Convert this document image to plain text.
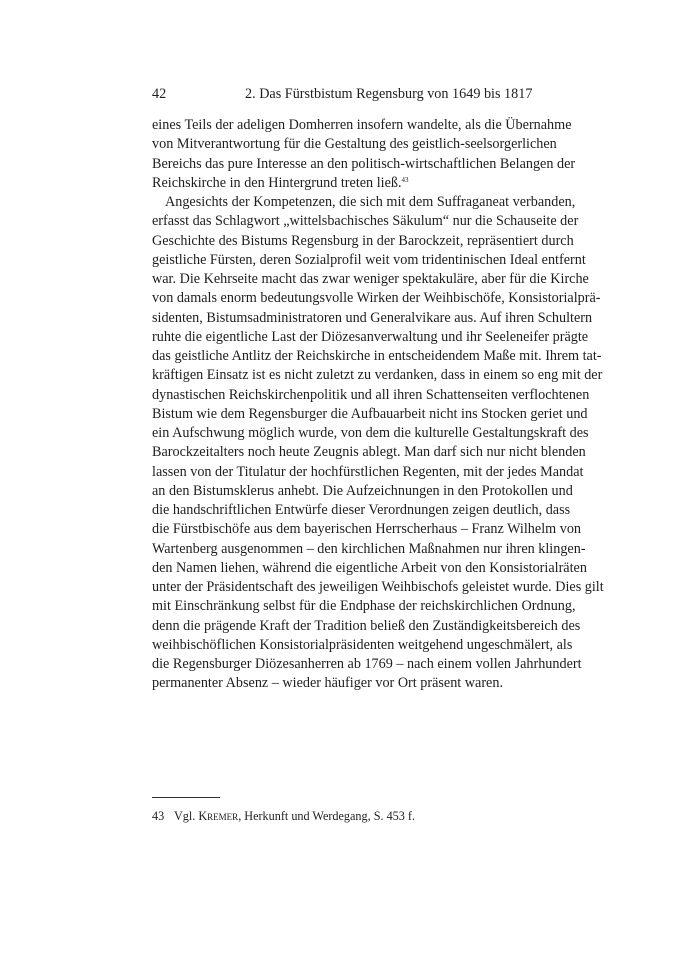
42	2. Das Fürstbistum Regensburg von 1649 bis 1817
eines Teils der adeligen Domherren insofern wandelte, als die Übernahme
von Mitverantwortung für die Gestaltung des geistlich-seelsorgerlichen
Bereichs das pure Interesse an den politisch-wirtschaftlichen Belangen der
Reichskirche in den Hintergrund treten ließ.$^{43}$
Angesichts der Kompetenzen, die sich mit dem Suffraganeat verbanden,
erfasst das Schlagwort „wittelsbachisches Säkulum“ nur die Schauseite der
Geschichte des Bistums Regensburg in der Barockzeit, repräsentiert durch
geistliche Fürsten, deren Sozialprofil weit vom tridentinischen Ideal entfernt
war. Die Kehrseite macht das zwar weniger spektakuläre, aber für die Kirche
von damals enorm bedeutungsvolle Wirken der Weihbischöfe, Konsistorialprä-
sidenten, Bistumsadministratoren und Generalvikare aus. Auf ihren Schultern
ruhte die eigentliche Last der Diözesanverwaltung und ihr Seeleneifer prägte
das geistliche Antlitz der Reichskirche in entscheidendem Maße mit. Ihrem tat-
kräftigen Einsatz ist es nicht zuletzt zu verdanken, dass in einem so eng mit der
dynastischen Reichskirchenpolitik und all ihren Schattenseiten verflochtenen
Bistum wie dem Regensburger die Aufbauarbeit nicht ins Stocken geriet und
ein Aufschwung möglich wurde, von dem die kulturelle Gestaltungskraft des
Barockzeitalters noch heute Zeugnis ablegt. Man darf sich nur nicht blenden
lassen von der Titulatur der hochfürstlichen Regenten, mit der jedes Mandat
an den Bistumsklerus anhebt. Die Aufzeichnungen in den Protokollen und
die handschriftlichen Entwürfe dieser Verordnungen zeigen deutlich, dass
die Fürstbischöfe aus dem bayerischen Herrscherhaus – Franz Wilhelm von
Wartenberg ausgenommen – den kirchlichen Maßnahmen nur ihren klingen-
den Namen liehen, während die eigentliche Arbeit von den Konsistorialräten
unter der Präsidentschaft des jeweiligen Weihbischofs geleistet wurde. Dies gilt
mit Einschränkung selbst für die Endphase der reichskirchlichen Ordnung,
denn die prägende Kraft der Tradition beließ den Zuständigkeitsbereich des
weihbischöflichen Konsistorialpräsidenten weitgehend ungeschmälert, als
die Regensburger Diözesanherren ab 1769 – nach einem vollen Jahrhundert
permanenter Absenz – wieder häufiger vor Ort präsent waren.
43 Vgl. Kremer, Herkunft und Werdegang, S. 453 f.
